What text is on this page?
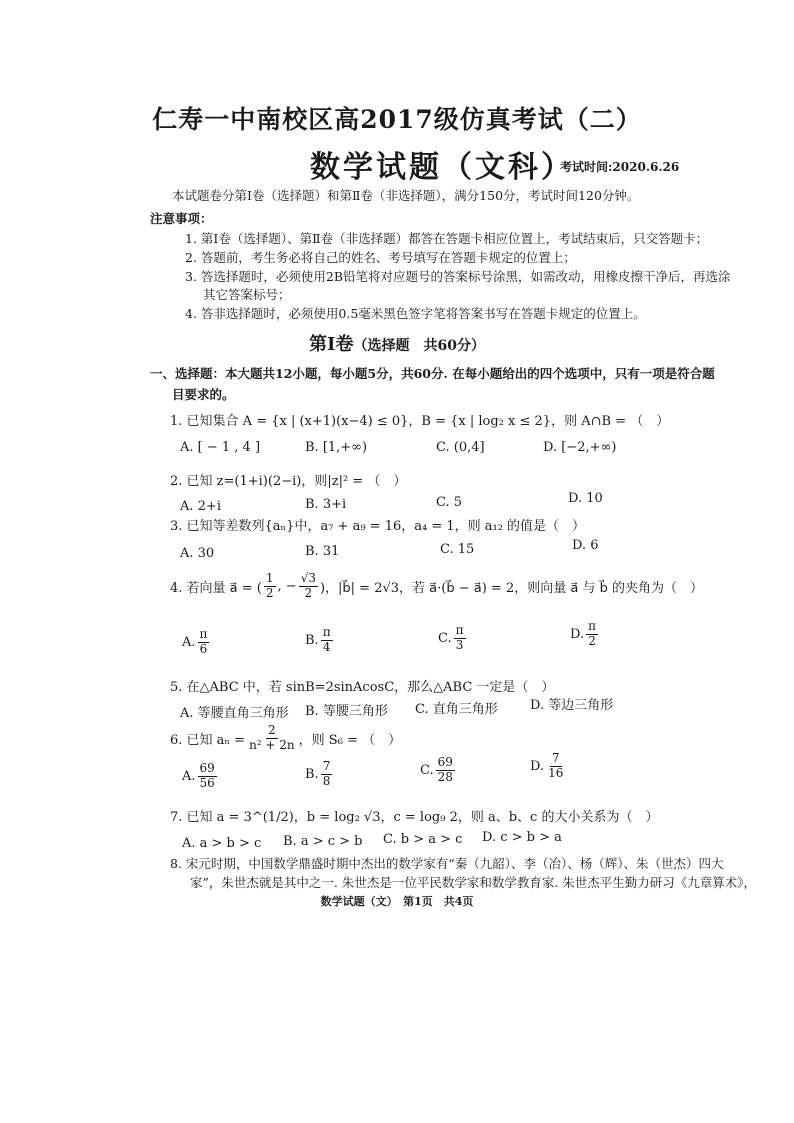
仁寿一中南校区高2017级仿真考试（二）
数学试题（文科）
考试时间:2020.6.26
本试题卷分第Ⅰ卷（选择题）和第Ⅱ卷（非选择题），满分150分，考试时间120分钟。
注意事项：
1. 第Ⅰ卷（选择题）、第Ⅱ卷（非选择题）都答在答题卡相应位置上，考试结束后，只交答题卡；
2. 答题前，考生务必将自己的姓名、考号填写在答题卡规定的位置上；
3. 答选择题时，必须使用2B铅笔将对应题号的答案标号涂黑，如需改动，用橡皮擦干净后，再选涂
其它答案标号；
4. 答非选择题时，必须使用0.5毫米黑色签字笔将答案书写在答题卡规定的位置上。
第Ⅰ卷（选择题　共60分）
一、选择题：本大题共12小题，每小题5分，共60分. 在每小题给出的四个选项中，只有一项是符合题
目要求的。
1. 已知集合 A = {x | (x+1)(x−4) ≤ 0}，B = {x | log₂ x ≤ 2}，则 A∩B = （　）
A. [ − 1 , 4 ]	B. [1,+∞)	C. (0,4]	D. [−2,+∞)
2. 已知 z=(1+i)(2−i)，则|z|² = （　）
A. 2+i	B. 3+i	C. 5	D. 10
3. 已知等差数列{aₙ}中，a₇ + a₉ = 16，a₄ = 1，则 a₁₂ 的值是（　）
A. 30	B. 31	C. 15	D. 6
4. 若向量 a⃗ = ( $\frac{1}{2}$ , − $\frac{√3}{2}$ )，|b⃗| = 2√3，若 a⃗·(b⃗ − a⃗) = 2，则向量 a⃗ 与 b⃗ 的夹角为（　）
A. $\frac{\pi}{6}$	B. $\frac{\pi}{4}$	C. $\frac{\pi}{3}$	D. $\frac{\pi}{2}$
5. 在△ABC 中，若 sinB=2sinAcosC，那么△ABC 一定是（　）
A. 等腰直角三角形 B. 等腰三角形 C. 直角三角形 D. 等边三角形
6. 已知 $a_n = \frac{2}{\text{n² + 2n}}$ ，则 S₆ = （　）
A. $\frac{69}{56}$	B. $\frac{7}{8}$	C. $\frac{69}{28}$	D. $\frac{7}{16}$
7. 已知 a = 3^(1/2)，b = log₂ √3，c = log₉ 2，则 a、b、c 的大小关系为（　）
A. a > b > c B. a > c > b C. b > a > c D. c > b > a
8. 宋元时期，中国数学鼎盛时期中杰出的数学家有“秦（九韶）、李（冶）、杨（辉）、朱（世杰）四大
家”，朱世杰就是其中之一. 朱世杰是一位平民数学家和数学教育家. 朱世杰平生勤力研习《九章算术》，
数学试题（文）　第1页　共4页
